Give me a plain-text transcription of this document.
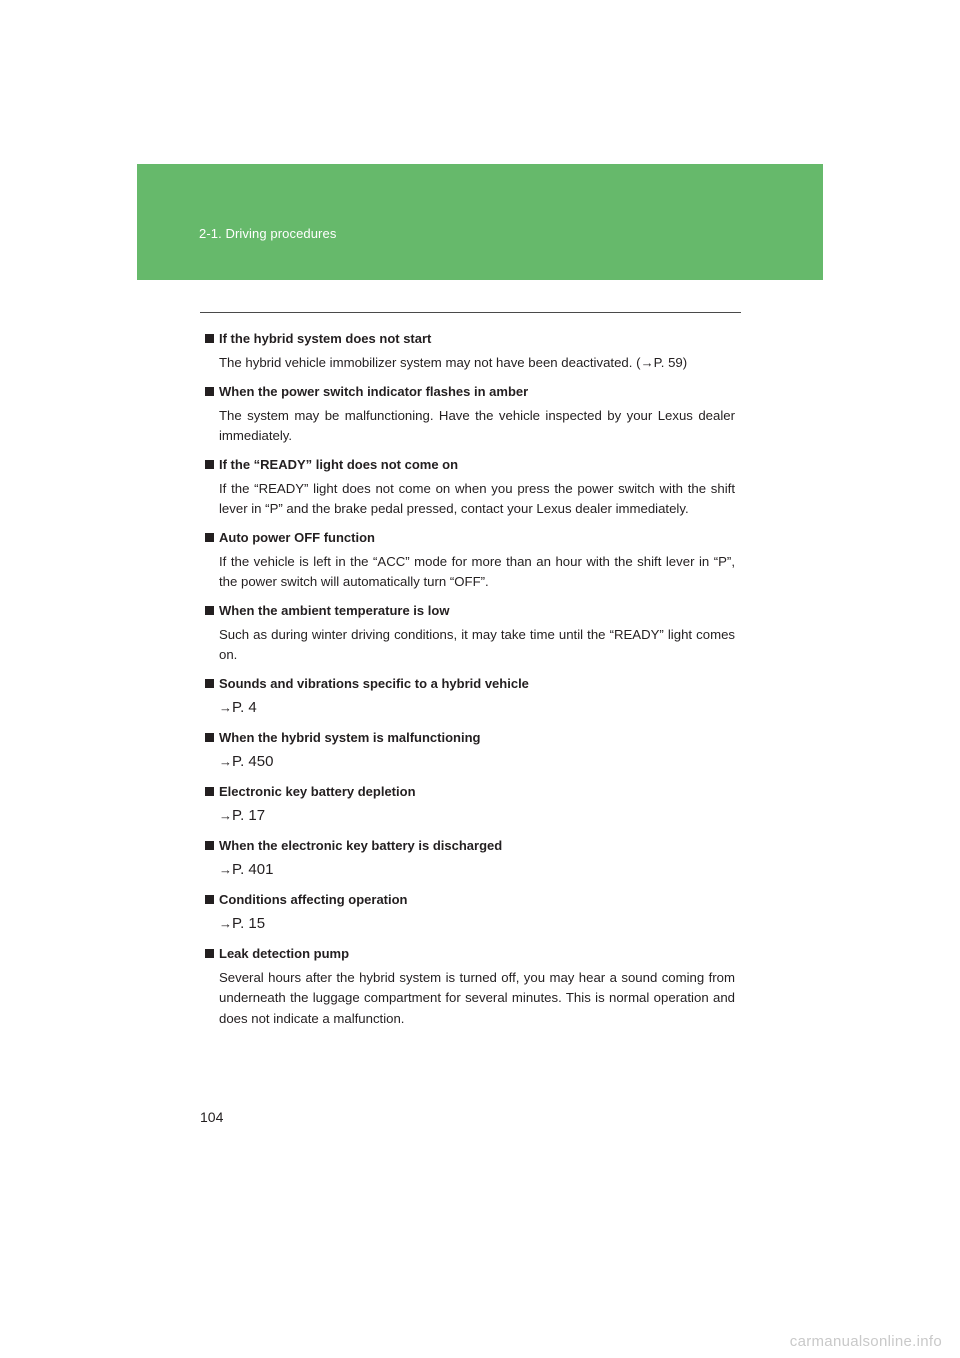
2-1. Driving procedures
If the hybrid system does not start
The hybrid vehicle immobilizer system may not have been deactivated. (→P. 59)
When the power switch indicator flashes in amber
The system may be malfunctioning. Have the vehicle inspected by your Lexus dealer immediately.
If the “READY” light does not come on
If the “READY” light does not come on when you press the power switch with the shift lever in “P” and the brake pedal pressed, contact your Lexus dealer immediately.
Auto power OFF function
If the vehicle is left in the “ACC” mode for more than an hour with the shift lever in “P”, the power switch will automatically turn “OFF”.
When the ambient temperature is low
Such as during winter driving conditions, it may take time until the “READY” light comes on.
Sounds and vibrations specific to a hybrid vehicle
→P. 4
When the hybrid system is malfunctioning
→P. 450
Electronic key battery depletion
→P. 17
When the electronic key battery is discharged
→P. 401
Conditions affecting operation
→P. 15
Leak detection pump
Several hours after the hybrid system is turned off, you may hear a sound coming from underneath the luggage compartment for several minutes. This is normal operation and does not indicate a malfunction.
104
carmanualsonline.info
